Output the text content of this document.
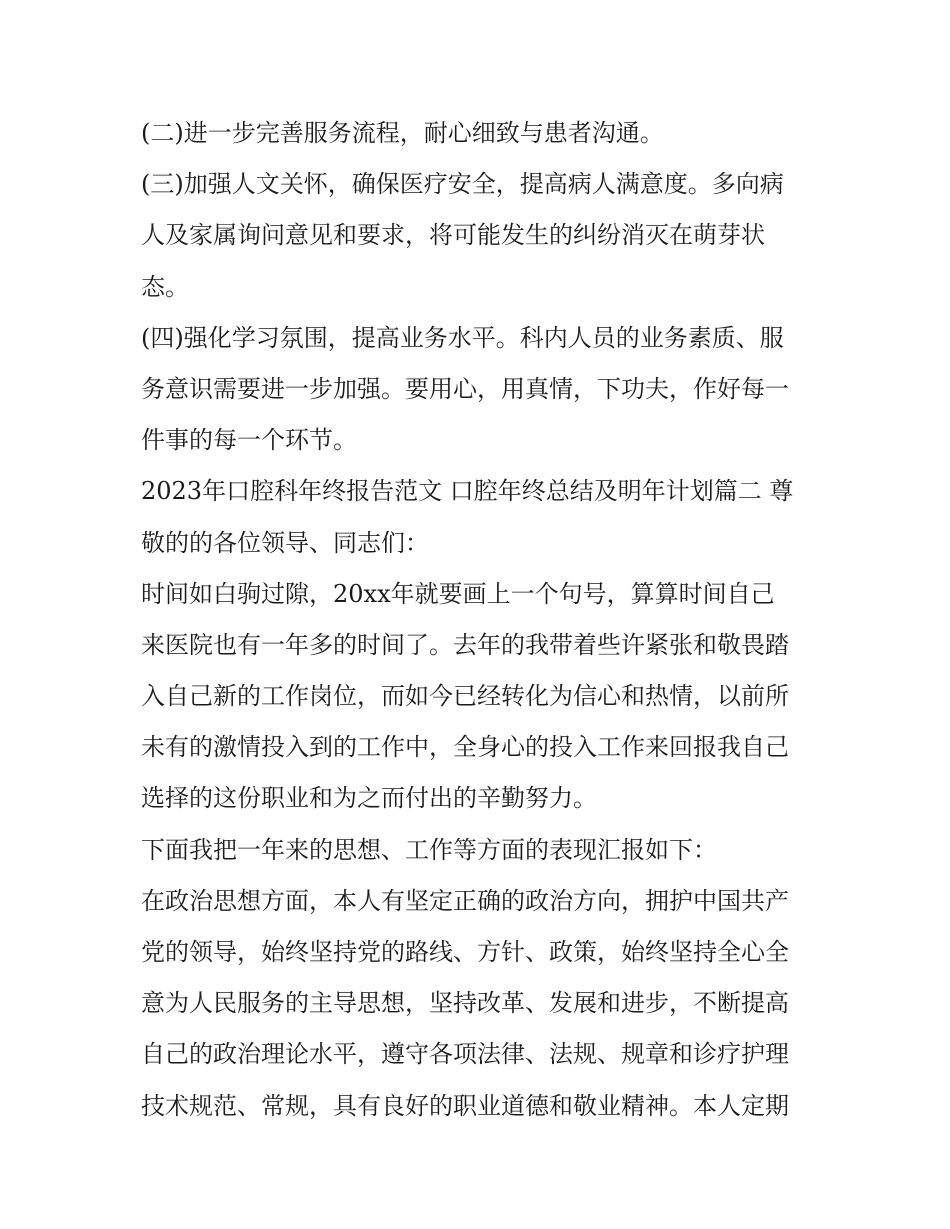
(二)进一步完善服务流程，耐心细致与患者沟通。

(三)加强人文关怀，确保医疗安全，提高病人满意度。多向病
人及家属询问意见和要求，将可能发生的纠纷消灭在萌芽状
态。

(四)强化学习氛围，提高业务水平。科内人员的业务素质、服
务意识需要进一步加强。要用心，用真情，下功夫，作好每一
件事的每一个环节。

2023年口腔科年终报告范文 口腔年终总结及明年计划篇二 尊
敬的的各位领导、同志们：

时间如白驹过隙，20xx年就要画上一个句号，算算时间自己
来医院也有一年多的时间了。去年的我带着些许紧张和敬畏踏
入自己新的工作岗位，而如今已经转化为信心和热情，以前所
未有的激情投入到的工作中，全身心的投入工作来回报我自己
选择的这份职业和为之而付出的辛勤努力。

下面我把一年来的思想、工作等方面的表现汇报如下：

在政治思想方面，本人有坚定正确的政治方向，拥护中国共产
党的领导，始终坚持党的路线、方针、政策，始终坚持全心全
意为人民服务的主导思想，坚持改革、发展和进步，不断提高
自己的政治理论水平，遵守各项法律、法规、规章和诊疗护理
技术规范、常规，具有良好的职业道德和敬业精神。本人定期
